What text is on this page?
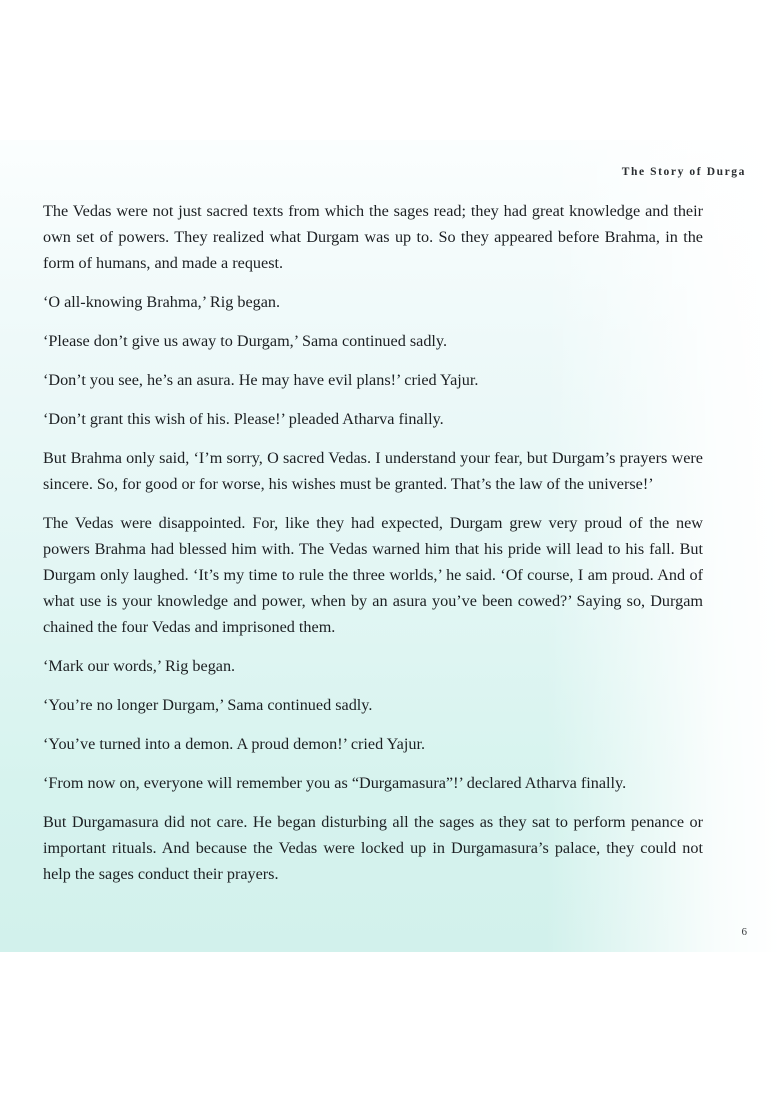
The Story of Durga

The Vedas were not just sacred texts from which the sages read; they had great knowledge and their own set of powers. They realized what Durgam was up to. So they appeared before Brahma, in the form of humans, and made a request.

‘O all-knowing Brahma,’ Rig began.

‘Please don’t give us away to Durgam,’ Sama continued sadly.

‘Don’t you see, he’s an asura. He may have evil plans!’ cried Yajur.

‘Don’t grant this wish of his. Please!’ pleaded Atharva finally.

But Brahma only said, ‘I’m sorry, O sacred Vedas. I understand your fear, but Durgam’s prayers were sincere. So, for good or for worse, his wishes must be granted. That’s the law of the universe!’

The Vedas were disappointed. For, like they had expected, Durgam grew very proud of the new powers Brahma had blessed him with. The Vedas warned him that his pride will lead to his fall. But Durgam only laughed. ‘It’s my time to rule the three worlds,’ he said. ‘Of course, I am proud. And of what use is your knowledge and power, when by an asura you’ve been cowed?’ Saying so, Durgam chained the four Vedas and imprisoned them.

‘Mark our words,’ Rig began.

‘You’re no longer Durgam,’ Sama continued sadly.

‘You’ve turned into a demon. A proud demon!’ cried Yajur.

‘From now on, everyone will remember you as “Durgamasura”!’ declared Atharva finally.

But Durgamasura did not care. He began disturbing all the sages as they sat to perform penance or important rituals. And because the Vedas were locked up in Durgamasura’s palace, they could not help the sages conduct their prayers.

6
